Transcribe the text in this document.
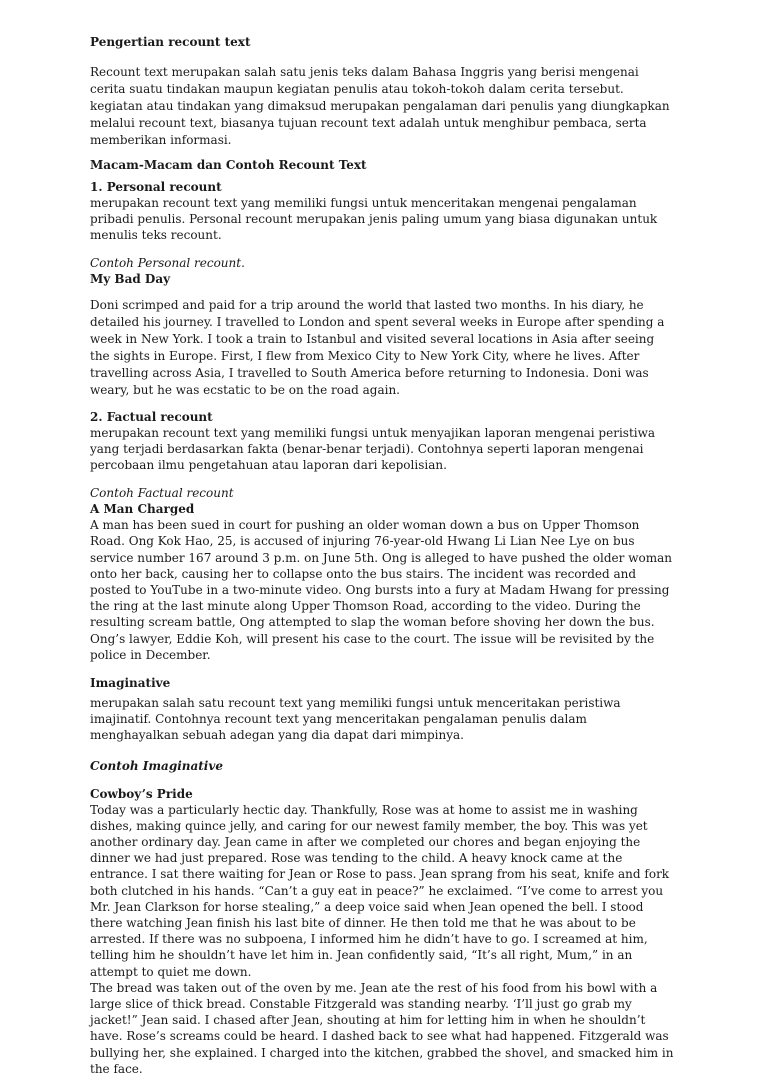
Pengertian recount text

Recount text merupakan salah satu jenis teks dalam Bahasa Inggris yang berisi mengenai cerita suatu tindakan maupun kegiatan penulis atau tokoh-tokoh dalam cerita tersebut. kegiatan atau tindakan yang dimaksud merupakan pengalaman dari penulis yang diungkapkan melalui recount text, biasanya tujuan recount text adalah untuk menghibur pembaca, serta memberikan informasi.

Macam-Macam dan Contoh Recount Text

1. Personal recount

merupakan recount text yang memiliki fungsi untuk menceritakan mengenai pengalaman pribadi penulis. Personal recount merupakan jenis paling umum yang biasa digunakan untuk menulis teks recount.

Contoh Personal recount.

My Bad Day

Doni scrimped and paid for a trip around the world that lasted two months. In his diary, he detailed his journey. I travelled to London and spent several weeks in Europe after spending a week in New York. I took a train to Istanbul and visited several locations in Asia after seeing the sights in Europe. First, I flew from Mexico City to New York City, where he lives. After travelling across Asia, I travelled to South America before returning to Indonesia. Doni was weary, but he was ecstatic to be on the road again.

2. Factual recount

merupakan recount text yang memiliki fungsi untuk menyajikan laporan mengenai peristiwa yang terjadi berdasarkan fakta (benar-benar terjadi). Contohnya seperti laporan mengenai percobaan ilmu pengetahuan atau laporan dari kepolisian.

Contoh Factual recount

A Man Charged

A man has been sued in court for pushing an older woman down a bus on Upper Thomson Road. Ong Kok Hao, 25, is accused of injuring 76-year-old Hwang Li Lian Nee Lye on bus service number 167 around 3 p.m. on June 5th. Ong is alleged to have pushed the older woman onto her back, causing her to collapse onto the bus stairs. The incident was recorded and posted to YouTube in a two-minute video. Ong bursts into a fury at Madam Hwang for pressing the ring at the last minute along Upper Thomson Road, according to the video. During the resulting scream battle, Ong attempted to slap the woman before shoving her down the bus. Ong’s lawyer, Eddie Koh, will present his case to the court. The issue will be revisited by the police in December.

Imaginative

merupakan salah satu recount text yang memiliki fungsi untuk menceritakan peristiwa imajinatif. Contohnya recount text yang menceritakan pengalaman penulis dalam menghayalkan sebuah adegan yang dia dapat dari mimpinya.

Contoh Imaginative

Cowboy’s Pride

Today was a particularly hectic day. Thankfully, Rose was at home to assist me in washing dishes, making quince jelly, and caring for our newest family member, the boy. This was yet another ordinary day. Jean came in after we completed our chores and began enjoying the dinner we had just prepared. Rose was tending to the child. A heavy knock came at the entrance. I sat there waiting for Jean or Rose to pass. Jean sprang from his seat, knife and fork both clutched in his hands. “Can’t a guy eat in peace?” he exclaimed. “I’ve come to arrest you Mr. Jean Clarkson for horse stealing,” a deep voice said when Jean opened the bell. I stood there watching Jean finish his last bite of dinner. He then told me that he was about to be arrested. If there was no subpoena, I informed him he didn’t have to go. I screamed at him, telling him he shouldn’t have let him in. Jean confidently said, “It’s all right, Mum,” in an attempt to quiet me down.

The bread was taken out of the oven by me. Jean ate the rest of his food from his bowl with a large slice of thick bread. Constable Fitzgerald was standing nearby. ‘I’ll just go grab my jacket!” Jean said. I chased after Jean, shouting at him for letting him in when he shouldn’t have. Rose’s screams could be heard. I dashed back to see what had happened. Fitzgerald was bullying her, she explained. I charged into the kitchen, grabbed the shovel, and smacked him in the face.
